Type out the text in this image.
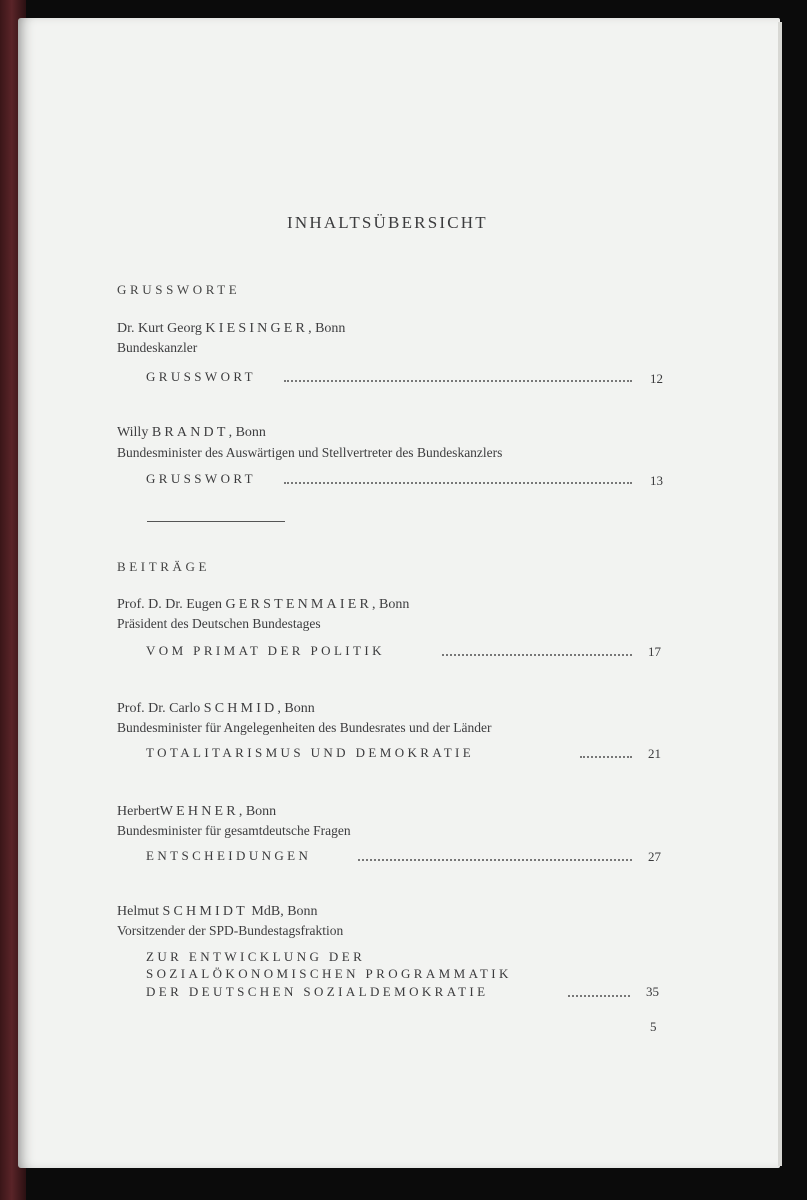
INHALTSÜBERSICHT
GRUSSWORTE
Dr. Kurt Georg KIESINGER, Bonn
Bundeskanzler
GRUSSWORT	12
Willy BRANDT, Bonn
Bundesminister des Auswärtigen und Stellvertreter des Bundeskanzlers
GRUSSWORT	13
BEITRÄGE
Prof. D. Dr. Eugen GERSTENMAIER, Bonn
Präsident des Deutschen Bundestages
VOM PRIMAT DER POLITIK	17
Prof. Dr. Carlo SCHMID, Bonn
Bundesminister für Angelegenheiten des Bundesrates und der Länder
TOTALITARISMUS UND DEMOKRATIE	21
HerbertWEHNER, Bonn
Bundesminister für gesamtdeutsche Fragen
ENTSCHEIDUNGEN	27
Helmut SCHMIDT MdB, Bonn
Vorsitzender der SPD-Bundestagsfraktion
ZUR ENTWICKLUNG DER
SOZIALÖKONOMISCHEN PROGRAMMATIK
DER DEUTSCHEN SOZIALDEMOKRATIE	35
5
